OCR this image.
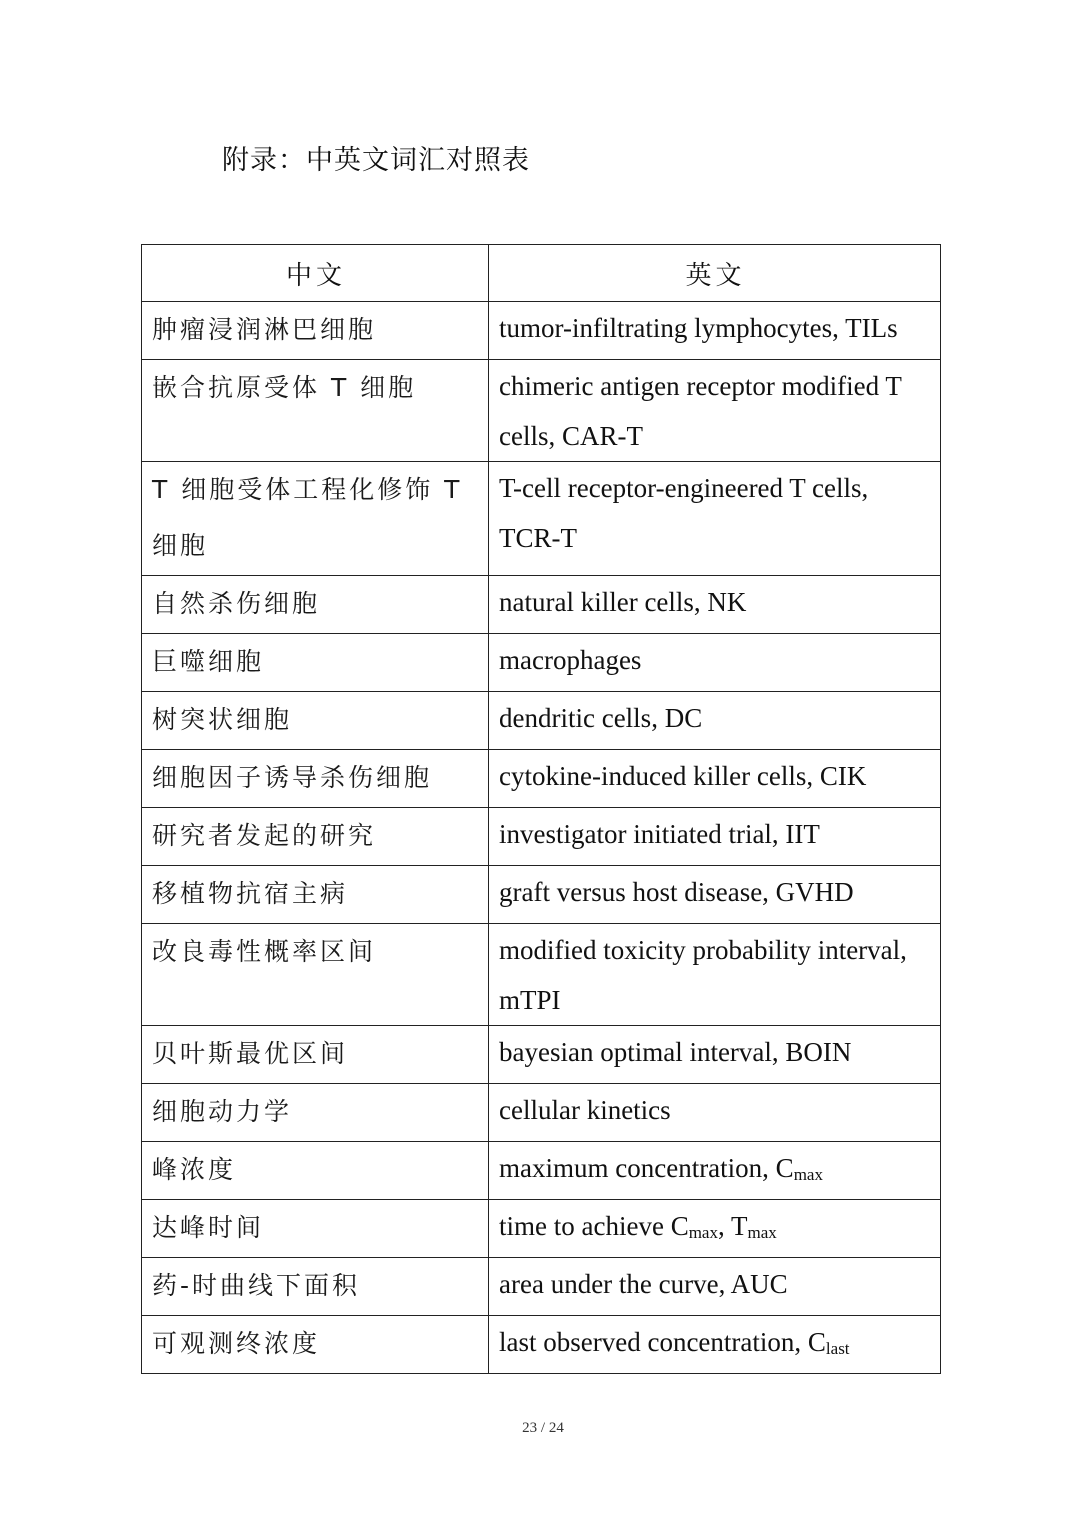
附录：中英文词汇对照表
中文	英文
肿瘤浸润淋巴细胞	tumor-infiltrating lymphocytes, TILs
嵌合抗原受体 T 细胞	chimeric antigen receptor modified T cells, CAR-T
T 细胞受体工程化修饰 T 细胞	T-cell receptor-engineered T cells, TCR-T
自然杀伤细胞	natural killer cells, NK
巨噬细胞	macrophages
树突状细胞	dendritic cells, DC
细胞因子诱导杀伤细胞	cytokine-induced killer cells, CIK
研究者发起的研究	investigator initiated trial, IIT
移植物抗宿主病	graft versus host disease, GVHD
改良毒性概率区间	modified toxicity probability interval, mTPI
贝叶斯最优区间	bayesian optimal interval, BOIN
细胞动力学	cellular kinetics
峰浓度	maximum concentration, $C_{max}$
达峰时间	time to achieve $C_{max}$, $T_{max}$
药-时曲线下面积	area under the curve, AUC
可观测终浓度	last observed concentration, $C_{last}$
23 / 24
